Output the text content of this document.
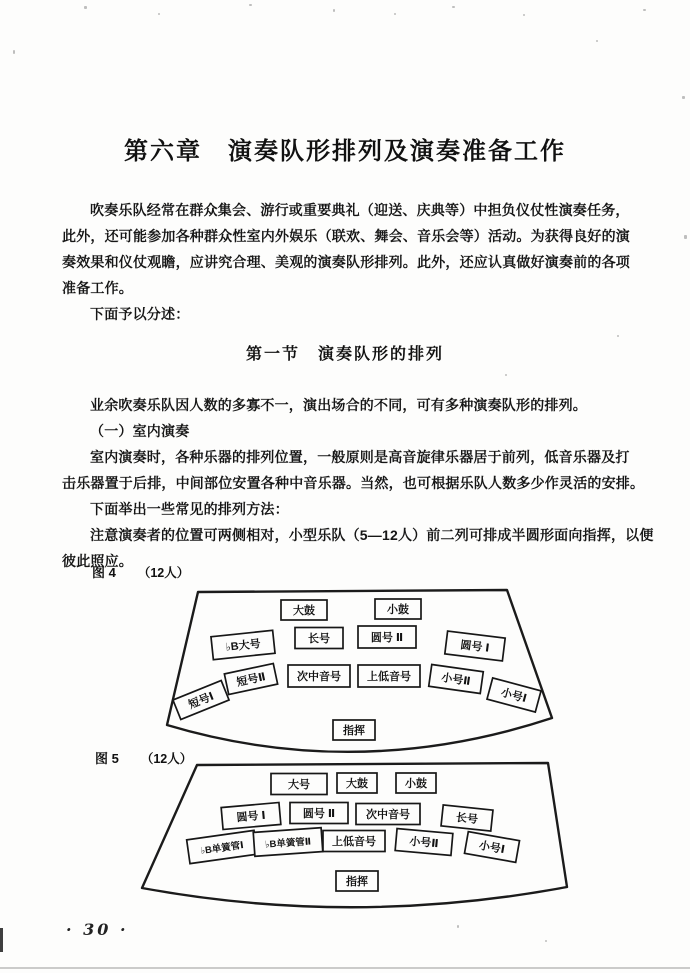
第六章　演奏队形排列及演奏准备工作
吹奏乐队经常在群众集会、游行或重要典礼（迎送、庆典等）中担负仪仗性演奏任务，
此外，还可能参加各种群众性室内外娱乐（联欢、舞会、音乐会等）活动。为获得良好的演
奏效果和仪仗观瞻，应讲究合理、美观的演奏队形排列。此外，还应认真做好演奏前的各项
准备工作。
下面予以分述：
第一节　演奏队形的排列
业余吹奏乐队因人数的多寡不一，演出场合的不同，可有多种演奏队形的排列。
（一）室内演奏
室内演奏时，各种乐器的排列位置，一般原则是高音旋律乐器居于前列，低音乐器及打
击乐器置于后排，中间部位安置各种中音乐器。当然，也可根据乐队人数多少作灵活的安排。
下面举出一些常见的排列方法：
注意演奏者的位置可两侧相对，小型乐队（5—12人）前二列可排成半圆形面向指挥，以便
彼此照应。
图 4 （12人）
图 5 （12人）
大鼓	小鼓
♭B大号	长号	圆号 Ⅱ
圆号 Ⅰ
短号Ⅰ
短号Ⅱ	次中音号 上低音号	小号Ⅱ
小号Ⅰ
指挥
大号	大鼓	小鼓
圆号 Ⅰ	圆号 Ⅱ	次中音号	长号
♭B单簧管Ⅰ ♭B单簧管Ⅱ 上低音号	小号Ⅱ	小号Ⅰ
指挥
· 30 ·
